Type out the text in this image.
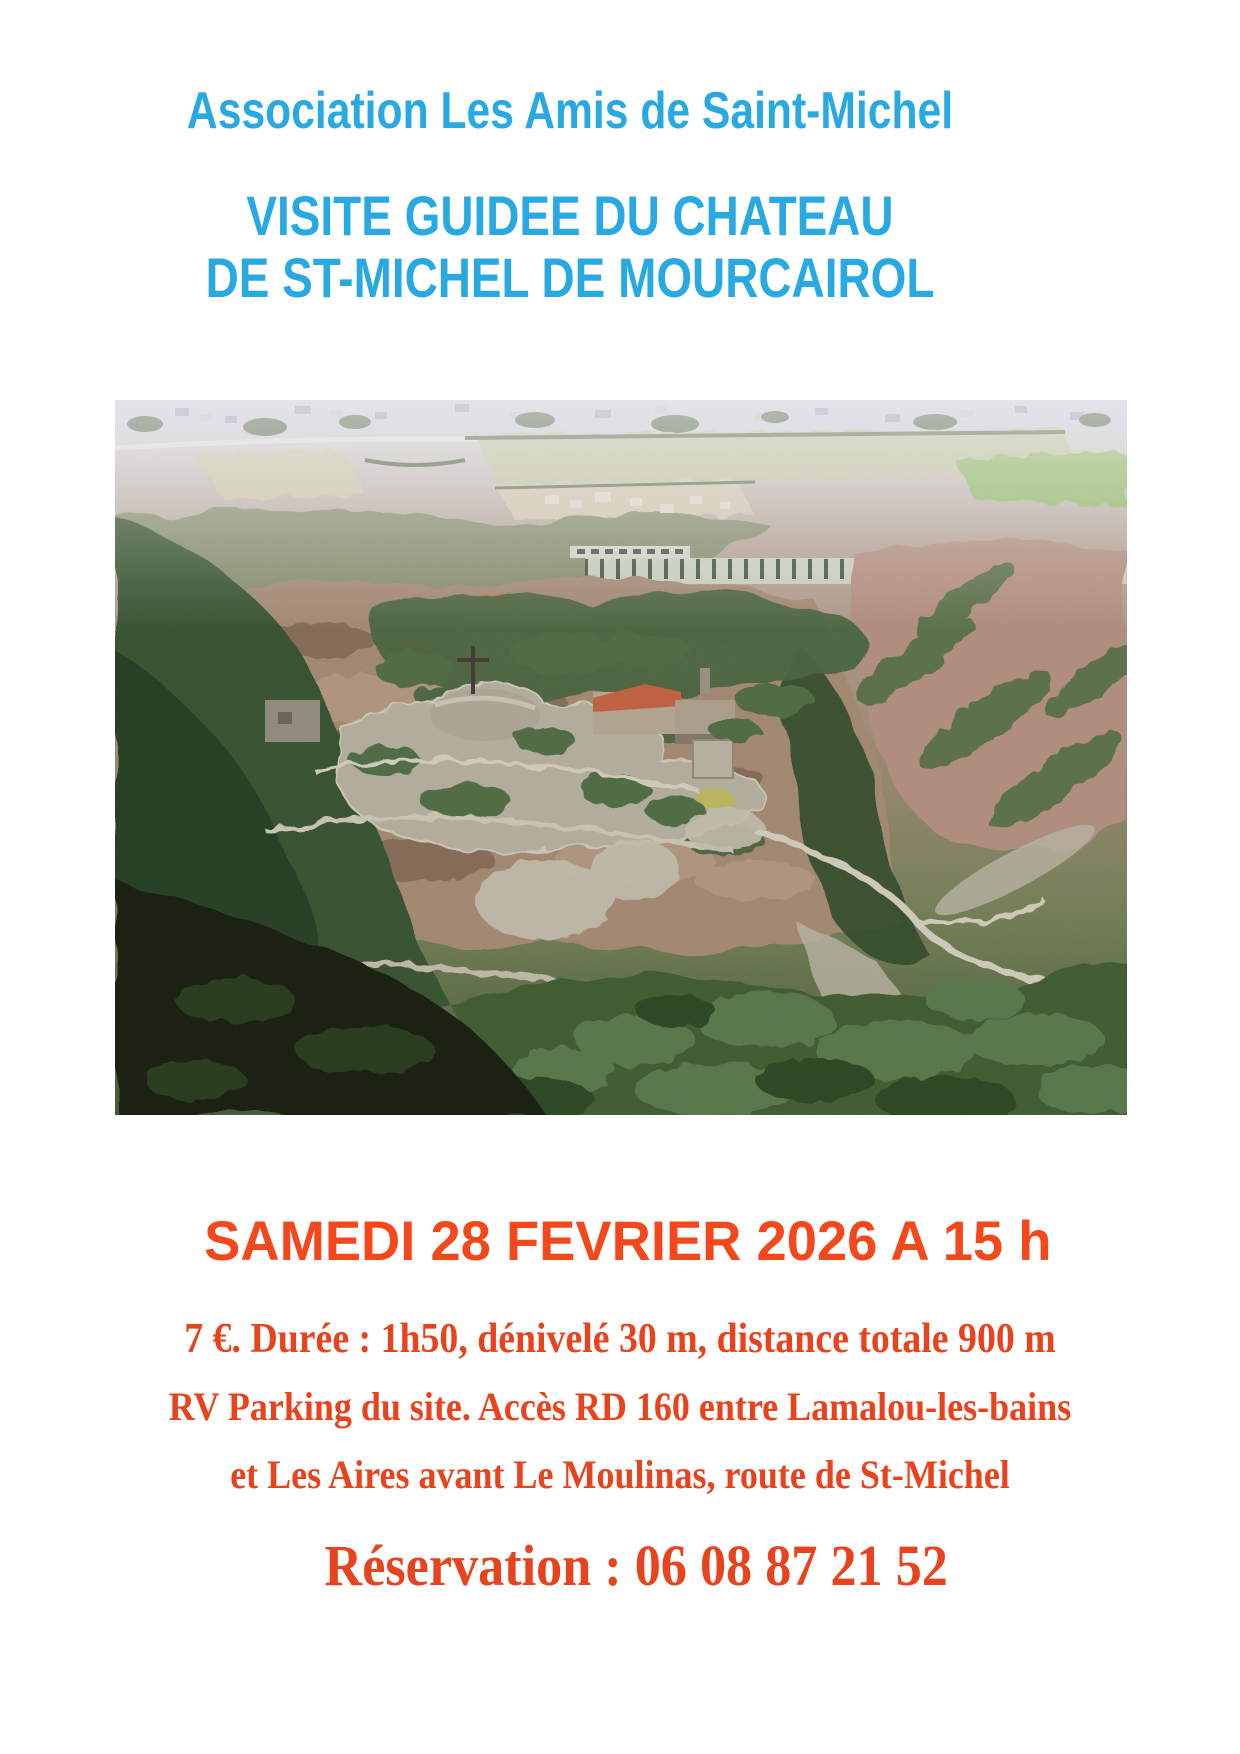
Association Les Amis de Saint-Michel
VISITE GUIDEE DU CHATEAU
DE ST-MICHEL DE MOURCAIROL
SAMEDI 28 FEVRIER 2026 A 15 h
7 €. Durée : 1h50, dénivelé 30 m, distance totale 900 m
RV Parking du site. Accès RD 160 entre Lamalou-les-bains
et Les Aires avant Le Moulinas, route de St-Michel
Réservation : 06 08 87 21 52
